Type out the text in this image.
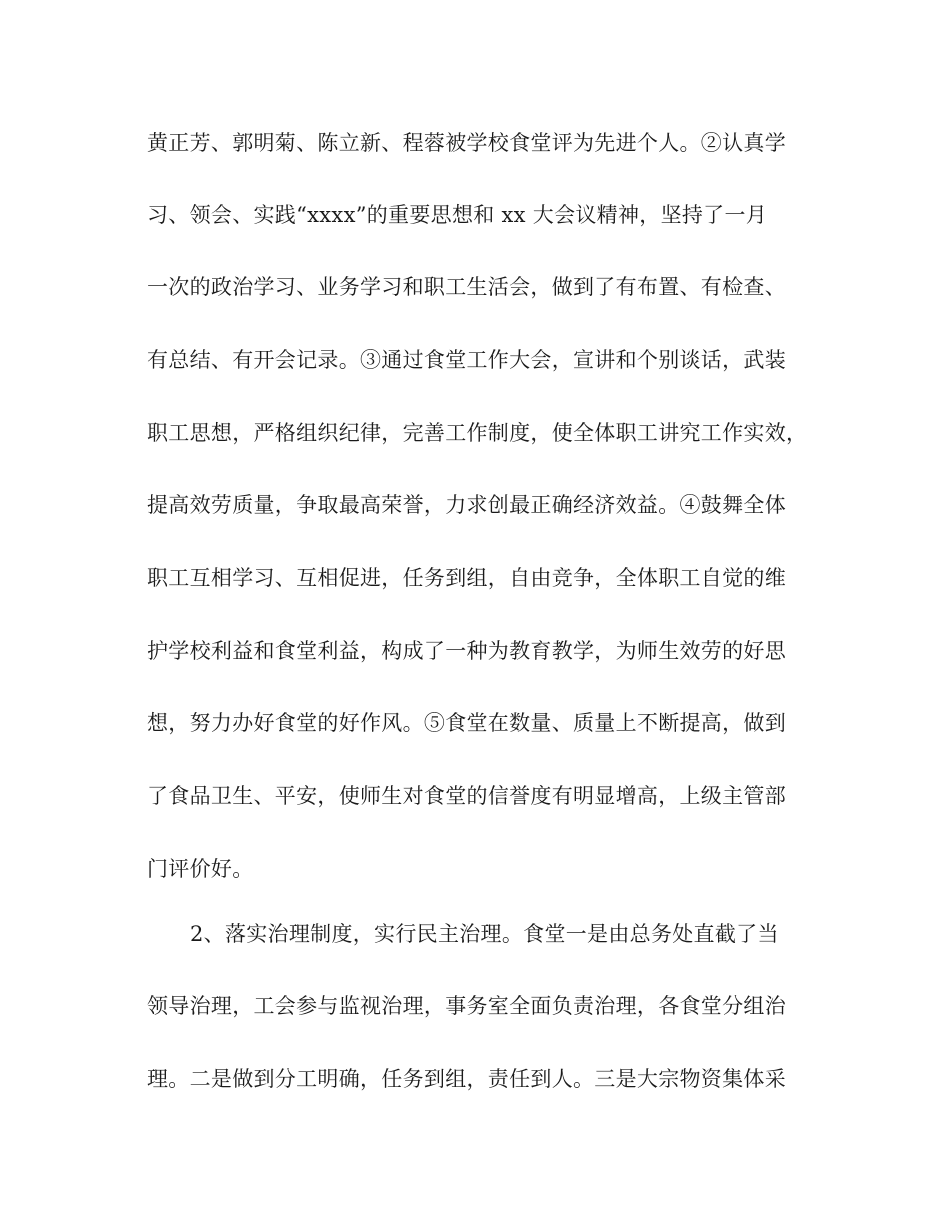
黄正芳、郭明菊、陈立新、程蓉被学校食堂评为先进个人。②认真学
习、领会、实践“xxxx”的重要思想和 xx 大会议精神，坚持了一月
一次的政治学习、业务学习和职工生活会，做到了有布置、有检查、
有总结、有开会记录。③通过食堂工作大会，宣讲和个别谈话，武装
职工思想，严格组织纪律，完善工作制度，使全体职工讲究工作实效，
提高效劳质量，争取最高荣誉，力求创最正确经济效益。④鼓舞全体
职工互相学习、互相促进，任务到组，自由竞争，全体职工自觉的维
护学校利益和食堂利益，构成了一种为教育教学，为师生效劳的好思
想，努力办好食堂的好作风。⑤食堂在数量、质量上不断提高，做到
了食品卫生、平安，使师生对食堂的信誉度有明显增高，上级主管部
门评价好。
2、落实治理制度，实行民主治理。食堂一是由总务处直截了当
领导治理，工会参与监视治理，事务室全面负责治理，各食堂分组治
理。二是做到分工明确，任务到组，责任到人。三是大宗物资集体采
